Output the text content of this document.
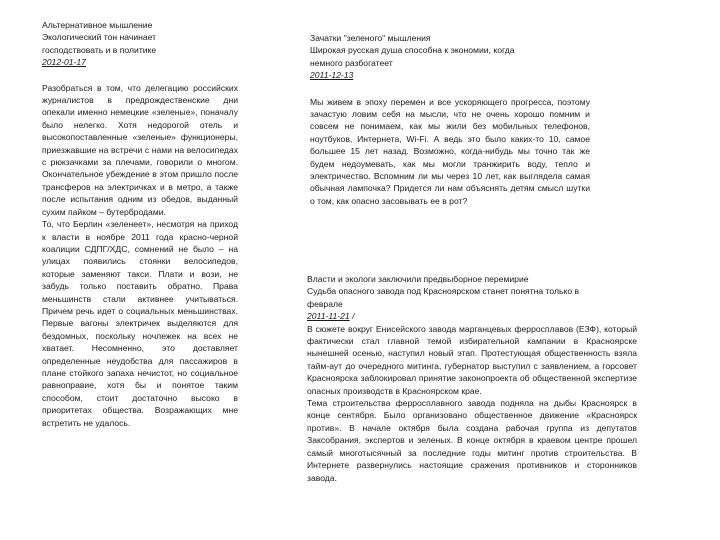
Альтернативное мышление

Экологический тон начинает

господствовать и в политике

2012-01-17

Разобраться в том, что делегацию российских журналистов в предрождественские дни опекали именно немецкие «зеленые», поначалу было нелегко. Хотя недорогой отель и высокопоставленные «зеленые» функционеры, приезжавшие на встречи с нами на велосипедах с рюкзачками за плечами, говорили о многом. Окончательное убеждение в этом пришло после трансферов на электричках и в метро, а также после испытания одним из обедов, выданный сухим пайком – бутербродами.

То, что Берлин «зеленеет», несмотря на приход к власти в ноябре 2011 года красно-черной коалиции СДПГ/ХДС, сомнений не было – на улицах появились стоянки велосипедов, которые заменяют такси. Плати и вози, не забудь только поставить обратно. Права меньшинств стали активнее учитываться. Причем речь идет о социальных меньшинствах. Первые вагоны электричек выделяются для бездомных, поскольку ночлежек на всех не хватает. Несомненно, это доставляет определенные неудобства для пассажиров в плане стойкого запаха нечистот, но социальное равноправие, хотя бы и понятое таким способом, стоит достаточно высоко в приоритетах общества. Возражающих мне встретить не удалось.

Зачатки "зеленого" мышления

Широкая русская душа способна к экономии, когда

немного разбогатеет

2011-12-13

Мы живем в эпоху перемен и все ускоряющего прогресса, поэтому зачастую ловим себя на мысли, что не очень хорошо помним и совсем не понимаем, как мы жили без мобильных телефонов, ноутбуков, Интернета, Wi-Fi. А ведь это было каких-то 10, самое большее 15 лет назад. Возможно, когда-нибудь мы точно так же будем недоумевать, как мы могли транжирить воду, тепло и электричество. Вспомним ли мы через 10 лет, как выглядела самая обычная лампочка? Придется ли нам объяснять детям смысл шутки о том, как опасно засовывать ее в рот?

Власти и экологи заключили предвыборное перемирие

Судьба опасного завода под Красноярском станет понятна только в

феврале

2011-11-21 /

В сюжете вокруг Енисейского завода марганцевых ферросплавов (ЕЗФ), который фактически стал главной темой избирательной кампании в Красноярске нынешней осенью, наступил новый этап. Протестующая общественность взяла тайм-аут до очередного митинга, губернатор выступил с заявлением, а горсовет Красноярска заблокировал принятие законопроекта об общественной экспертизе опасных производств в Красноярском крае.

Тема строительства ферросплавного завода подняла на дыбы Красноярск в конце сентября. Было организовано общественное движение «Красноярск против». В начале октября была создана рабочая группа из депутатов Заксобрания, экспертов и зеленых. В конце октября в краевом центре прошел самый многотысячный за последние годы митинг против строительства. В Интернете развернулись настоящие сражения противников и сторонников завода.
